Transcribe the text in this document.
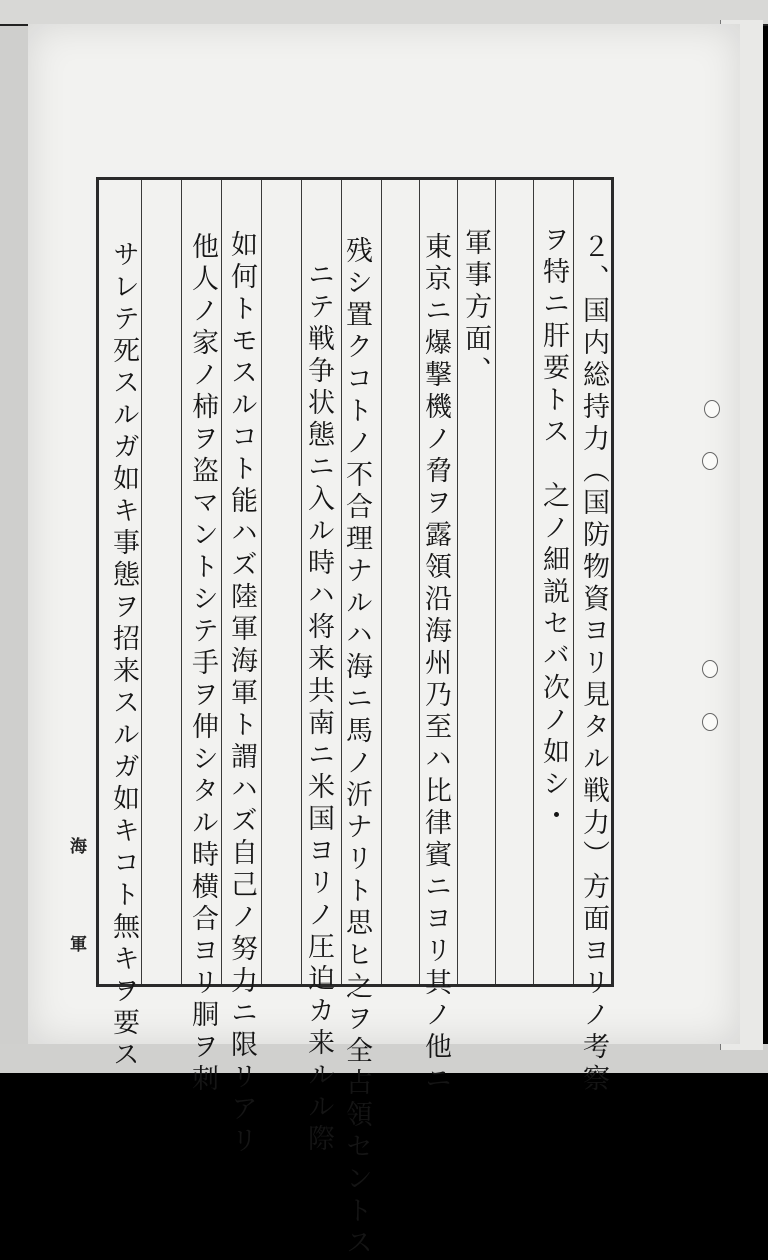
２、国内総持力（国防物資ヨリ見タル戦力）方面ヨリノ考察
ヲ特ニ肝要トス　之ノ細説セバ次ノ如シ・
軍事方面、
東京ニ爆撃機ノ脅ヲ露領沿海州乃至ハ比律賓ニヨリ其ノ他ニ
残シ置クコトノ不合理ナルハ海ニ馬ノ沂ナリト思ヒ之ヲ全占領セントス
ニテ戦争状態ニ入ル時ハ将来共南ニ米国ヨリノ圧迫カ来ルル際
如何トモスルコト能ハズ陸軍海軍ト謂ハズ自己ノ努力ニ限リアリ
他人ノ家ノ柿ヲ盗マントシテ手ヲ伸シタル時横合ヨリ胴ヲ刺
サレテ死スルガ如キ事態ヲ招来スルガ如キコト無キヲ要ス
海
軍
